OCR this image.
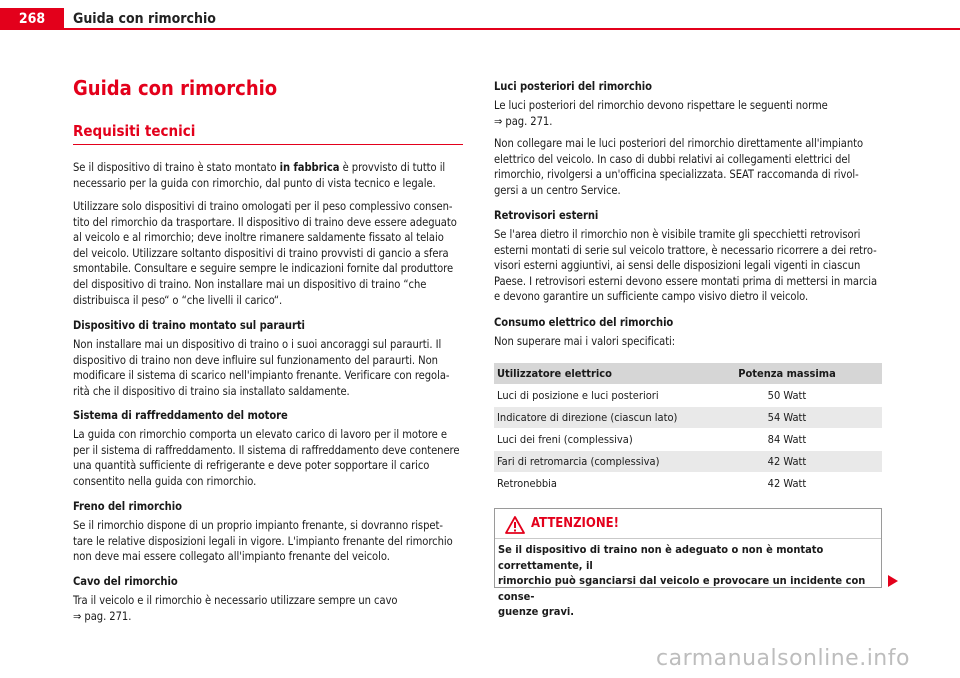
268	Guida con rimorchio
Guida con rimorchio
Requisiti tecnici
Se il dispositivo di traino è stato montato in fabbrica è provvisto di tutto il
necessario per la guida con rimorchio, dal punto di vista tecnico e legale.
Utilizzare solo dispositivi di traino omologati per il peso complessivo consen-
tito del rimorchio da trasportare. Il dispositivo di traino deve essere adeguato
al veicolo e al rimorchio; deve inoltre rimanere saldamente fissato al telaio
del veicolo. Utilizzare soltanto dispositivi di traino provvisti di gancio a sfera
smontabile. Consultare e seguire sempre le indicazioni fornite dal produttore
del dispositivo di traino. Non installare mai un dispositivo di traino “che
distribuisca il peso“ o “che livelli il carico“.
Dispositivo di traino montato sul paraurti
Non installare mai un dispositivo di traino o i suoi ancoraggi sul paraurti. Il
dispositivo di traino non deve influire sul funzionamento del paraurti. Non
modificare il sistema di scarico nell'impianto frenante. Verificare con regola-
rità che il dispositivo di traino sia installato saldamente.
Sistema di raffreddamento del motore
La guida con rimorchio comporta un elevato carico di lavoro per il motore e
per il sistema di raffreddamento. Il sistema di raffreddamento deve contenere
una quantità sufficiente di refrigerante e deve poter sopportare il carico
consentito nella guida con rimorchio.
Freno del rimorchio
Se il rimorchio dispone di un proprio impianto frenante, si dovranno rispet-
tare le relative disposizioni legali in vigore. L'impianto frenante del rimorchio
non deve mai essere collegato all'impianto frenante del veicolo.
Cavo del rimorchio
Tra il veicolo e il rimorchio è necessario utilizzare sempre un cavo
⇒ pag. 271.
Luci posteriori del rimorchio
Le luci posteriori del rimorchio devono rispettare le seguenti norme
⇒ pag. 271.
Non collegare mai le luci posteriori del rimorchio direttamente all'impianto
elettrico del veicolo. In caso di dubbi relativi ai collegamenti elettrici del
rimorchio, rivolgersi a un'officina specializzata. SEAT raccomanda di rivol-
gersi a un centro Service.
Retrovisori esterni
Se l'area dietro il rimorchio non è visibile tramite gli specchietti retrovisori
esterni montati di serie sul veicolo trattore, è necessario ricorrere a dei retro-
visori esterni aggiuntivi, ai sensi delle disposizioni legali vigenti in ciascun
Paese. I retrovisori esterni devono essere montati prima di mettersi in marcia
e devono garantire un sufficiente campo visivo dietro il veicolo.
Consumo elettrico del rimorchio
Non superare mai i valori specificati:
Utilizzatore elettrico	Potenza massima
Luci di posizione e luci posteriori	50 Watt
Indicatore di direzione (ciascun lato)	54 Watt
Luci dei freni (complessiva)	84 Watt
Fari di retromarcia (complessiva)	42 Watt
Retronebbia	42 Watt
ATTENZIONE!
Se il dispositivo di traino non è adeguato o non è montato correttamente, il
rimorchio può sganciarsi dal veicolo e provocare un incidente con conse-
guenze gravi.
carmanualsonline.info
